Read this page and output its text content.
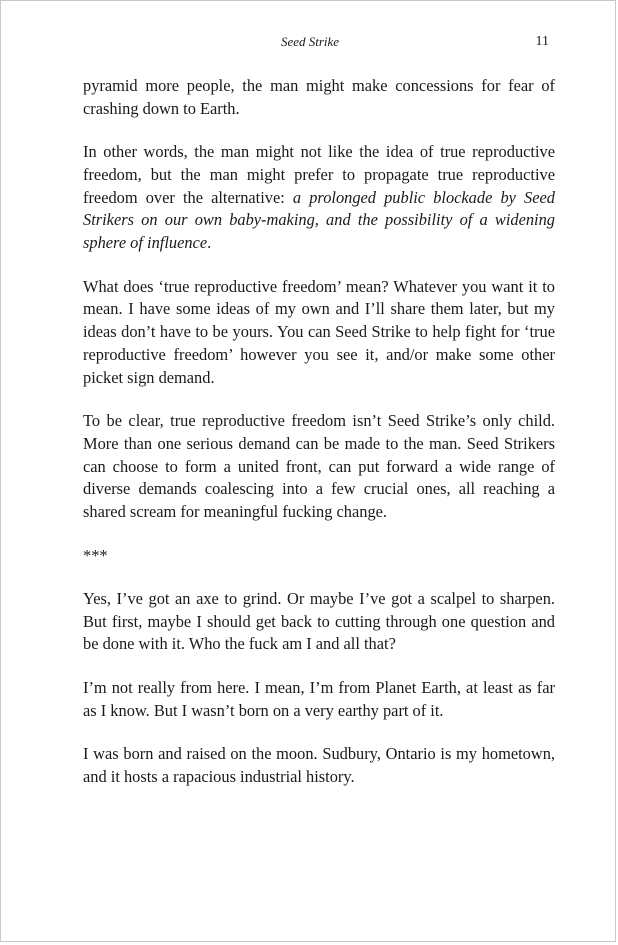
Seed Strike	11

pyramid more people, the man might make concessions for fear of crashing down to Earth.

In other words, the man might not like the idea of true reproductive freedom, but the man might prefer to propagate true reproductive freedom over the alternative: a prolonged public blockade by Seed Strikers on our own baby-making, and the possibility of a widening sphere of influence.

What does ‘true reproductive freedom’ mean? Whatever you want it to mean. I have some ideas of my own and I’ll share them later, but my ideas don’t have to be yours. You can Seed Strike to help fight for ‘true reproductive freedom’ however you see it, and/or make some other picket sign demand.

To be clear, true reproductive freedom isn’t Seed Strike’s only child. More than one serious demand can be made to the man. Seed Strikers can choose to form a united front, can put forward a wide range of diverse demands coalescing into a few crucial ones, all reaching a shared scream for meaningful fucking change.

***

Yes, I’ve got an axe to grind. Or maybe I’ve got a scalpel to sharpen. But first, maybe I should get back to cutting through one question and be done with it. Who the fuck am I and all that?

I’m not really from here. I mean, I’m from Planet Earth, at least as far as I know. But I wasn’t born on a very earthy part of it.

I was born and raised on the moon. Sudbury, Ontario is my hometown, and it hosts a rapacious industrial history.
